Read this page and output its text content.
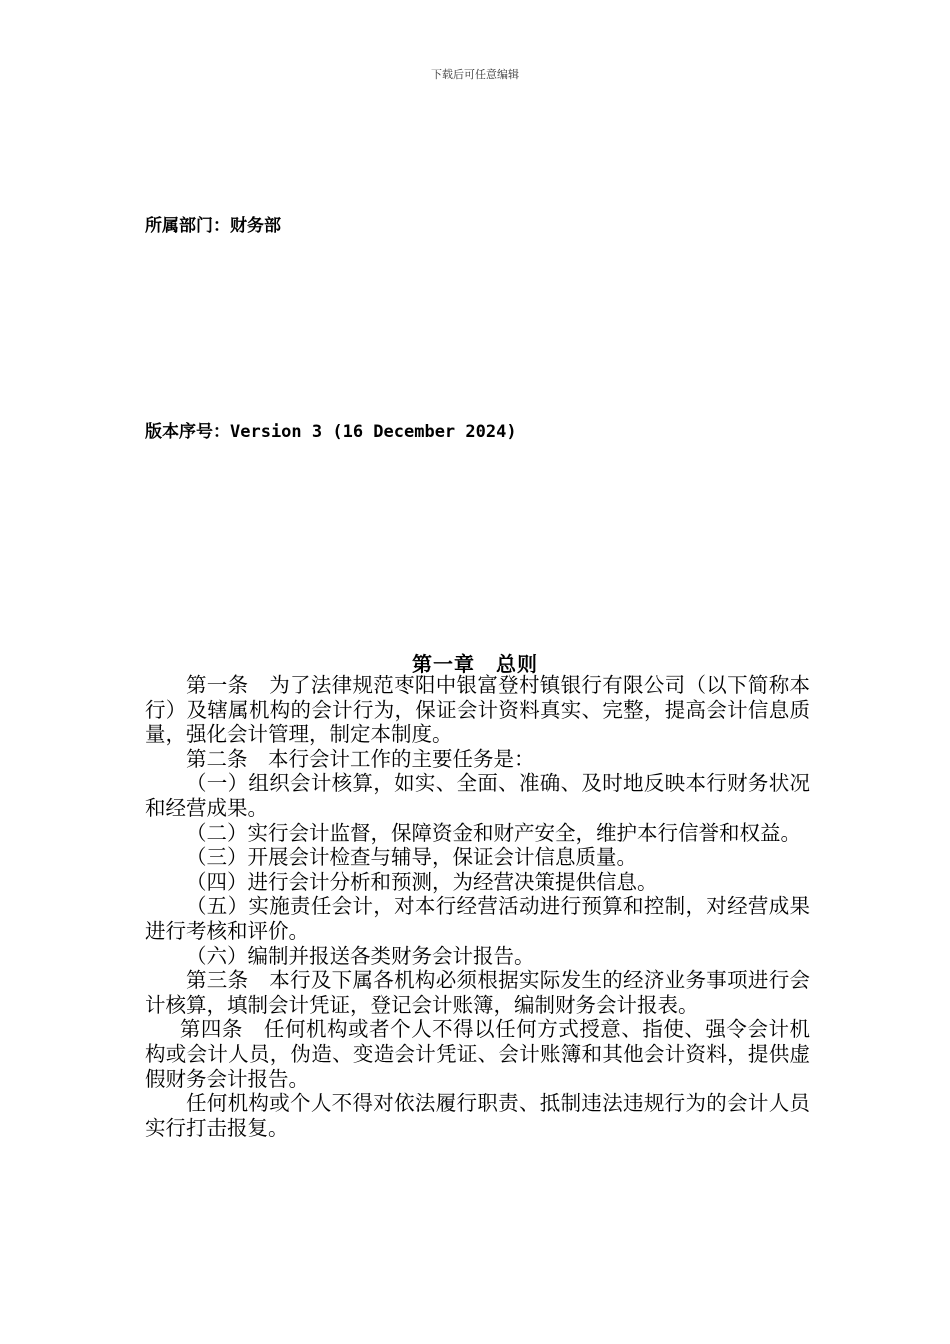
下载后可任意编辑
所属部门：财务部
版本序号：Version 3 (16 December 2024)
第一章　总则

第一条　为了法律规范枣阳中银富登村镇银行有限公司（以下简称本行）及辖属机构的会计行为，保证会计资料真实、完整，提高会计信息质量，强化会计管理，制定本制度。

第二条　本行会计工作的主要任务是：

（一）组织会计核算，如实、全面、准确、及时地反映本行财务状况和经营成果。

（二）实行会计监督，保障资金和财产安全，维护本行信誉和权益。

（三）开展会计检查与辅导，保证会计信息质量。

（四）进行会计分析和预测，为经营决策提供信息。

（五）实施责任会计，对本行经营活动进行预算和控制，对经营成果进行考核和评价。

（六）编制并报送各类财务会计报告。

第三条　本行及下属各机构必须根据实际发生的经济业务事项进行会计核算，填制会计凭证，登记会计账簿，编制财务会计报表。

第四条　任何机构或者个人不得以任何方式授意、指使、强令会计机构或会计人员，伪造、变造会计凭证、会计账簿和其他会计资料，提供虚假财务会计报告。

任何机构或个人不得对依法履行职责、抵制违法违规行为的会计人员实行打击报复。
